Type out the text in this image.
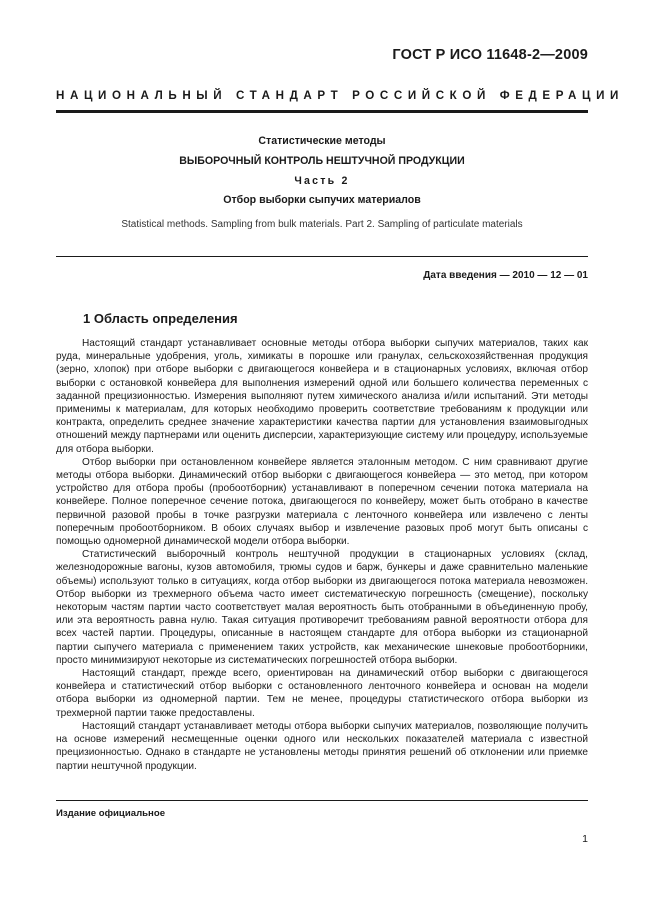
ГОСТ Р ИСО 11648-2—2009
НАЦИОНАЛЬНЫЙ СТАНДАРТ РОССИЙСКОЙ ФЕДЕРАЦИИ
Статистические методы
ВЫБОРОЧНЫЙ КОНТРОЛЬ НЕШТУЧНОЙ ПРОДУКЦИИ
Часть 2
Отбор выборки сыпучих материалов
Statistical methods. Sampling from bulk materials. Part 2. Sampling of particulate materials
Дата введения — 2010 — 12 — 01
1 Область определения

Настоящий стандарт устанавливает основные методы отбора выборки сыпучих материалов, таких как руда, минеральные удобрения, уголь, химикаты в порошке или гранулах, сельскохозяйственная продукция (зерно, хлопок) при отборе выборки с двигающегося конвейера и в стационарных условиях, включая отбор выборки с остановкой конвейера для выполнения измерений одной или большего количества переменных с заданной прецизионностью. Измерения выполняют путем химического анализа и/или испытаний. Эти методы применимы к материалам, для которых необходимо проверить соответствие требованиям к продукции или контракта, определить среднее значение характеристики качества партии для установления взаимовыгодных отношений между партнерами или оценить дисперсии, характеризующие систему или процедуру, используемые для отбора выборки.

Отбор выборки при остановленном конвейере является эталонным методом. С ним сравнивают другие методы отбора выборки. Динамический отбор выборки с двигающегося конвейера — это метод, при котором устройство для отбора пробы (пробоотборник) устанавливают в поперечном сечении потока материала на конвейере. Полное поперечное сечение потока, двигающегося по конвейеру, может быть отобрано в качестве первичной разовой пробы в точке разгрузки материала с ленточного конвейера или извлечено с ленты поперечным пробоотборником. В обоих случаях выбор и извлечение разовых проб могут быть описаны с помощью одномерной динамической модели отбора выборки.

Статистический выборочный контроль нештучной продукции в стационарных условиях (склад, железнодорожные вагоны, кузов автомобиля, трюмы судов и барж, бункеры и даже сравнительно маленькие объемы) используют только в ситуациях, когда отбор выборки из двигающегося потока материала невозможен. Отбор выборки из трехмерного объема часто имеет систематическую погрешность (смещение), поскольку некоторым частям партии часто соответствует малая вероятность быть отобранными в объединенную пробу, или эта вероятность равна нулю. Такая ситуация противоречит требованиям равной вероятности отбора для всех частей партии. Процедуры, описанные в настоящем стандарте для отбора выборки из стационарной партии сыпучего материала с применением таких устройств, как механические шнековые пробоотборники, просто минимизируют некоторые из систематических погрешностей отбора выборки.

Настоящий стандарт, прежде всего, ориентирован на динамический отбор выборки с двигающегося конвейера и статистический отбор выборки с остановленного ленточного конвейера и основан на модели отбора выборки из одномерной партии. Тем не менее, процедуры статистического отбора выборки из трехмерной партии также предоставлены.

Настоящий стандарт устанавливает методы отбора выборки сыпучих материалов, позволяющие получить на основе измерений несмещенные оценки одного или нескольких показателей материала с известной прецизионностью. Однако в стандарте не установлены методы принятия решений об отклонении или приемке партии нештучной продукции.

Издание официальное
1
